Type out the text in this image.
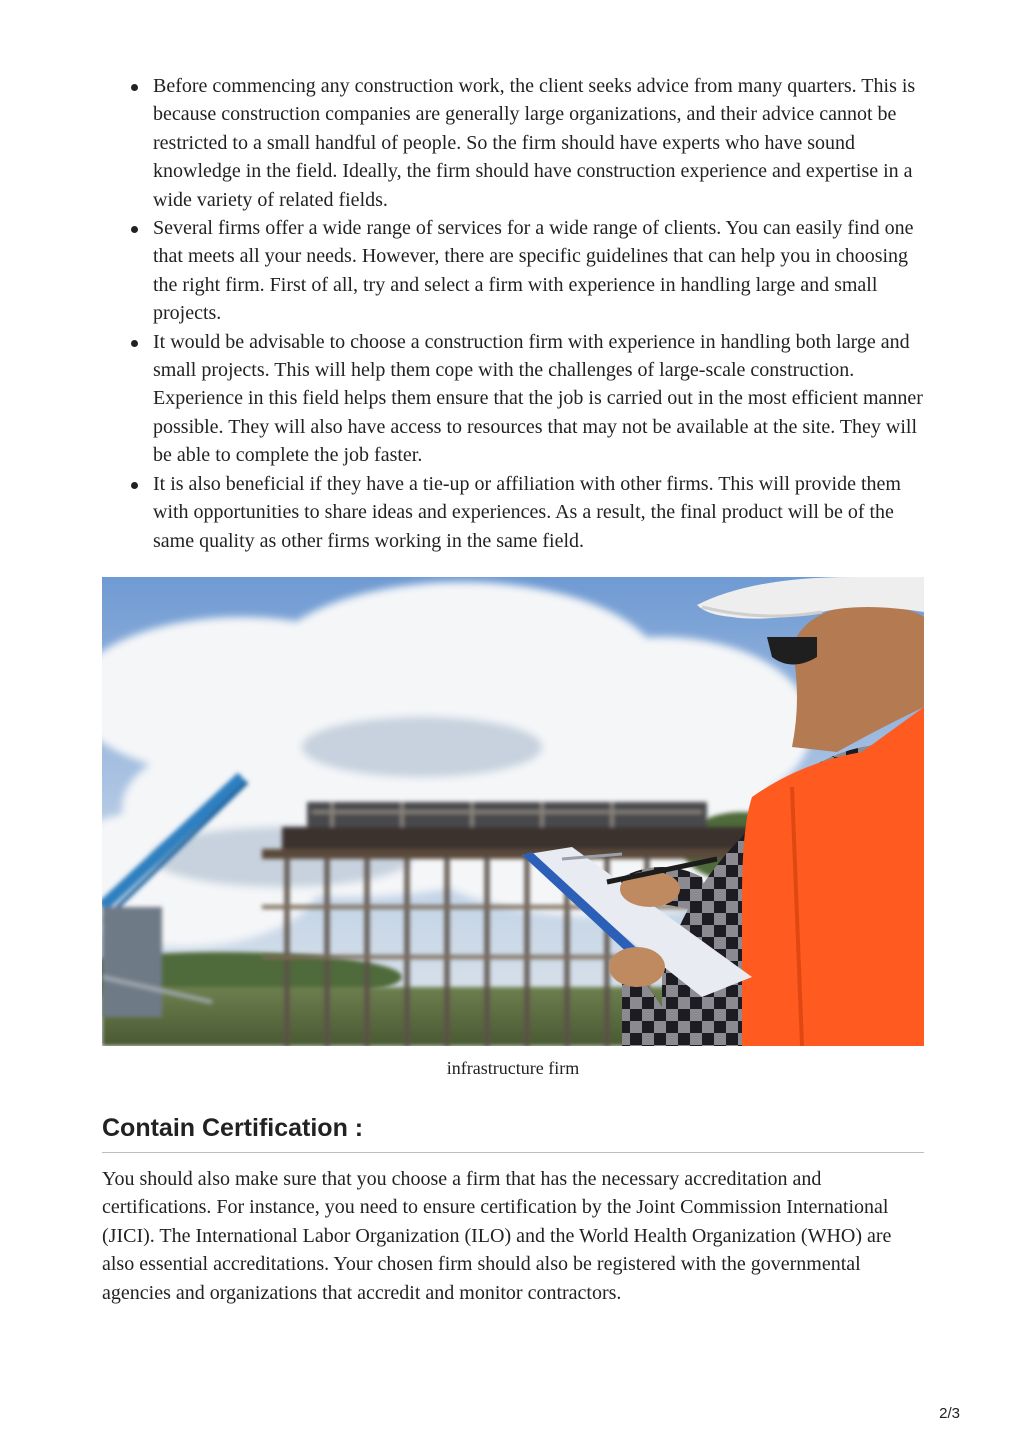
Before commencing any construction work, the client seeks advice from many quarters. This is because construction companies are generally large organizations, and their advice cannot be restricted to a small handful of people. So the firm should have experts who have sound knowledge in the field. Ideally, the firm should have construction experience and expertise in a wide variety of related fields.
Several firms offer a wide range of services for a wide range of clients. You can easily find one that meets all your needs. However, there are specific guidelines that can help you in choosing the right firm. First of all, try and select a firm with experience in handling large and small projects.
It would be advisable to choose a construction firm with experience in handling both large and small projects. This will help them cope with the challenges of large-scale construction. Experience in this field helps them ensure that the job is carried out in the most efficient manner possible. They will also have access to resources that may not be available at the site. They will be able to complete the job faster.
It is also beneficial if they have a tie-up or affiliation with other firms. This will provide them with opportunities to share ideas and experiences. As a result, the final product will be of the same quality as other firms working in the same field.
infrastructure firm
Contain Certification :

You should also make sure that you choose a firm that has the necessary accreditation and certifications. For instance, you need to ensure certification by the Joint Commission International (JICI). The International Labor Organization (ILO) and the World Health Organization (WHO) are also essential accreditations. Your chosen firm should also be registered with the governmental agencies and organizations that accredit and monitor contractors.

2/3
